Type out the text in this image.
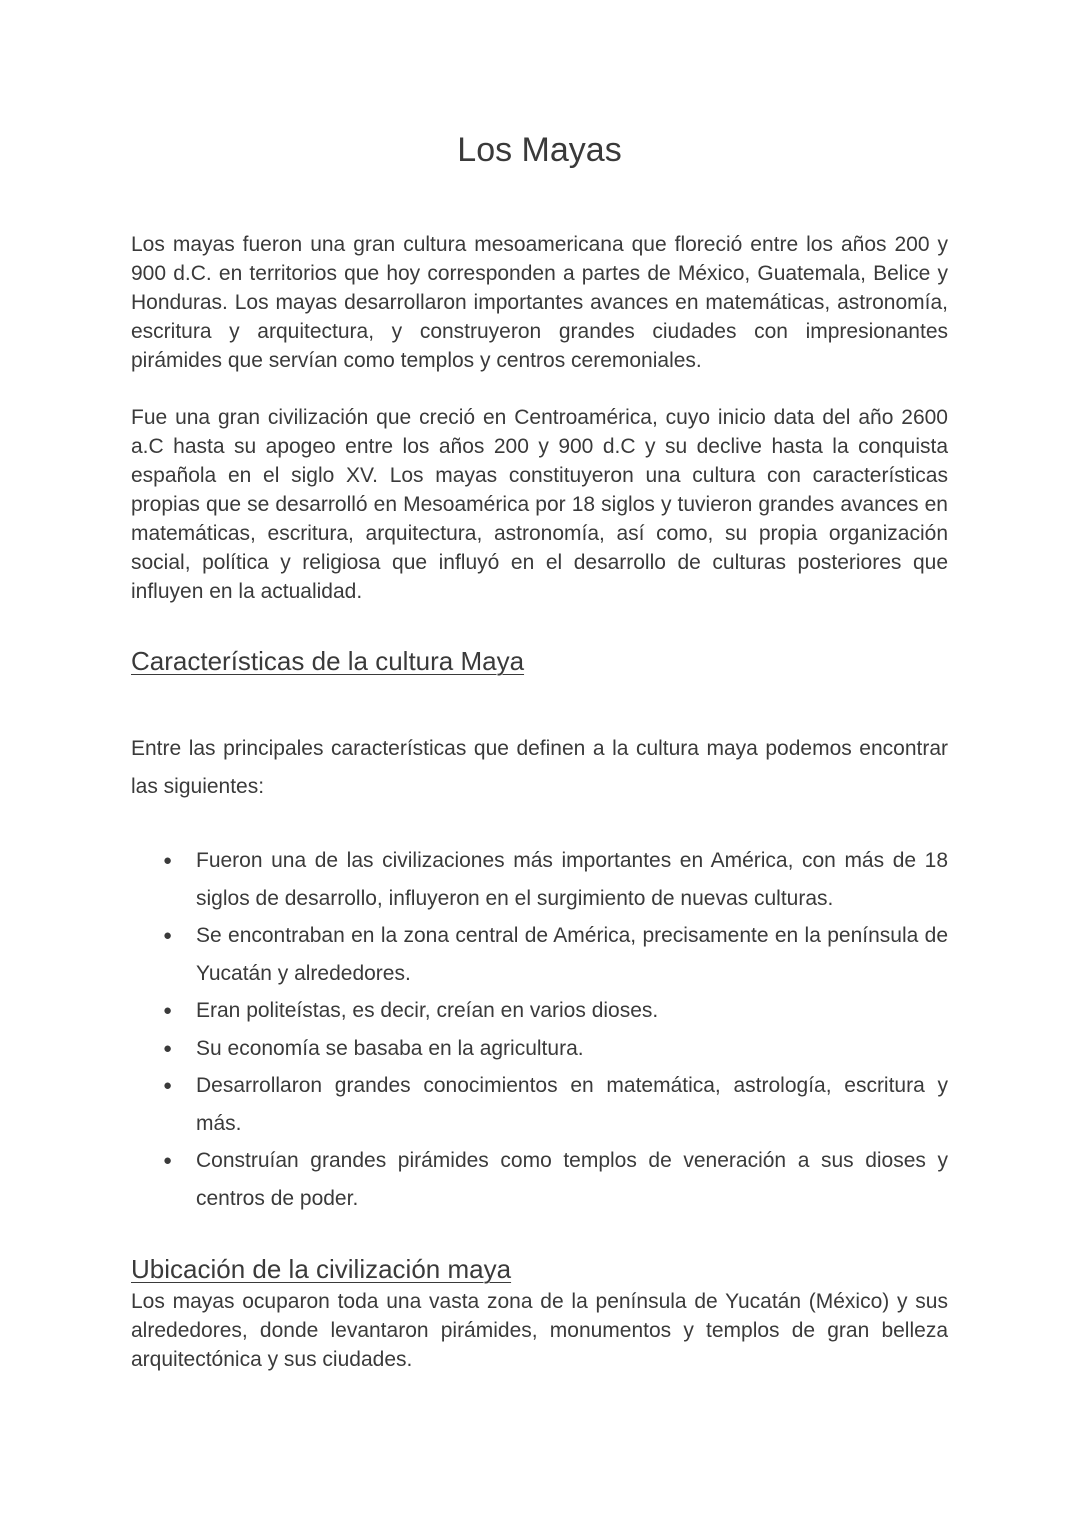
Los Mayas

Los mayas fueron una gran cultura mesoamericana que floreció entre los años 200 y 900 d.C. en territorios que hoy corresponden a partes de México, Guatemala, Belice y Honduras. Los mayas desarrollaron importantes avances en matemáticas, astronomía, escritura y arquitectura, y construyeron grandes ciudades con impresionantes pirámides que servían como templos y centros ceremoniales.

Fue una gran civilización que creció en Centroamérica, cuyo inicio data del año 2600 a.C hasta su apogeo entre los años 200 y 900 d.C y su declive hasta la conquista española en el siglo XV. Los mayas constituyeron una cultura con características propias que se desarrolló en Mesoamérica por 18 siglos y tuvieron grandes avances en matemáticas, escritura, arquitectura, astronomía, así como, su propia organización social, política y religiosa que influyó en el desarrollo de culturas posteriores que influyen en la actualidad.

Características de la cultura Maya

Entre las principales características que definen a la cultura maya podemos encontrar las siguientes:

● Fueron una de las civilizaciones más importantes en América, con más de 18 siglos de desarrollo, influyeron en el surgimiento de nuevas culturas.
● Se encontraban en la zona central de América, precisamente en la península de Yucatán y alrededores.
● Eran politeístas, es decir, creían en varios dioses.
● Su economía se basaba en la agricultura.
● Desarrollaron grandes conocimientos en matemática, astrología, escritura y más.
● Construían grandes pirámides como templos de veneración a sus dioses y centros de poder.
Ubicación de la civilización maya

Los mayas ocuparon toda una vasta zona de la península de Yucatán (México) y sus alrededores, donde levantaron pirámides, monumentos y templos de gran belleza arquitectónica y sus ciudades.
